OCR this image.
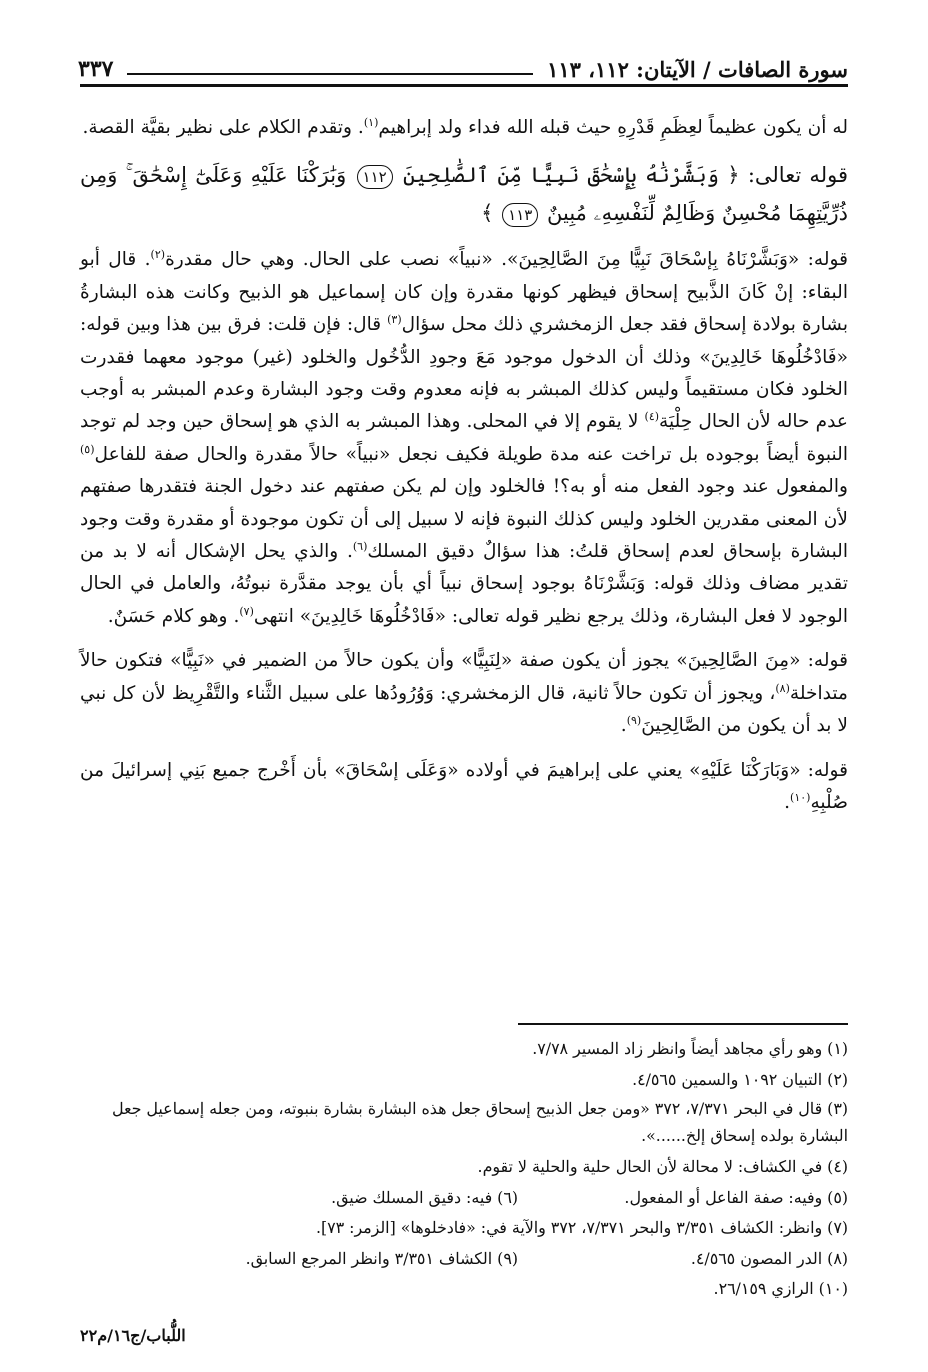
سورة الصافات / الآيتان: ١١٢، ١١٣
٣٣٧

له أن يكون عظيماً لعِظَمِ قَدْرِهِ حيث قبله الله فداء ولد إبراهيم$^{(١)}$. وتقدم الكلام على نظير بقيَّة القصة.

قوله تعالى: ﴿ وَبَشَّرْنَٰهُ بِإِسْحَٰقَ نَبِيًّا مِّنَ ٱلصَّٰلِحِينَ ١١٢ وَبَٰرَكْنَا عَلَيْهِ وَعَلَىٰٓ إِسْحَٰقَ ۚ وَمِن ذُرِّيَّتِهِمَا مُحْسِنٌ وَظَالِمٌ لِّنَفْسِهِۦ مُبِينٌ ١١٣ ﴾

قوله: «وَبَشَّرْنَاهُ بِإسْحَاقَ نَبِيًّا مِنَ الصَّالِحِينَ». «نبياً» نصب على الحال. وهي حال مقدرة$^{(٢)}$. قال أبو البقاء: إنْ كَانَ الذَّبيح إسحاق فيظهر كونها مقدرة وإن كان إسماعيل هو الذبيح وكانت هذه البشارةُ بشارة بولادة إسحاق فقد جعل الزمخشري ذلك محل سؤال$^{(٣)}$ قال: فإن قلت: فرق بين هذا وبين قوله: «فَادْخُلُوهَا خَالِدِينَ» وذلك أن الدخول موجود مَعَ وجودِ الدُّخُول والخلود (غير) موجود معهما فقدرت الخلود فكان مستقيماً وليس كذلك المبشر به فإنه معدوم وقت وجود البشارة وعدم المبشر به أوجب عدم حاله لأن الحال حِلْيَة$^{(٤)}$ لا يقوم إلا في المحلى. وهذا المبشر به الذي هو إسحاق حين وجد لم توجد النبوة أيضاً بوجوده بل تراخت عنه مدة طويلة فكيف نجعل «نبياً» حالاً مقدرة والحال صفة للفاعل$^{(٥)}$ والمفعول عند وجود الفعل منه أو به؟! فالخلود وإن لم يكن صفتهم عند دخول الجنة فتقدرها صفتهم لأن المعنى مقدرين الخلود وليس كذلك النبوة فإنه لا سبيل إلى أن تكون موجودة أو مقدرة وقت وجود البشارة بإسحاق لعدم إسحاق قلتُ: هذا سؤالٌ دقيق المسلك$^{(٦)}$. والذي يحل الإشكال أنه لا بد من تقدير مضاف وذلك قوله: وَبَشَّرْنَاهُ بوجود إسحاق نبياً أي بأن يوجد مقدَّرة نبوتُهُ، والعامل في الحال الوجود لا فعل البشارة، وذلك يرجع نظير قوله تعالى: «فَادْخُلُوهَا خَالِدِينَ» انتهى$^{(٧)}$. وهو كلام حَسَنٌ.

قوله: «مِنَ الصَّالِحِينَ» يجوز أن يكون صفة «لِنَبِيًّا» وأن يكون حالاً من الضمير في «نَبِيًّا» فتكون حالاً متداخلة$^{(٨)}$، ويجوز أن تكون حالاً ثانية، قال الزمخشري: وَوُرُودُها على سبيل الثَّناء والتَّقْرِيظ لأن كل نبي لا بد أن يكون من الصَّالِحِينَ$^{(٩)}$.

قوله: «وَبَارَكْنَا عَلَيْهِ» يعني على إبراهيمَ في أولاده «وَعَلَى إسْحَاقَ» بأن أَخْرج جميع بَنِي إسرائيلَ من صُلْبِهِ$^{(١٠)}$.

(١) وهو رأي مجاهد أيضاً وانظر زاد المسير ٧/٧٨.

(٢) التبيان ١٠٩٢ والسمين ٤/٥٦٥.

(٣) قال في البحر ٧/٣٧١، ٣٧٢ «ومن جعل الذبيح إسحاق جعل هذه البشارة بشارة بنبوته، ومن جعله إسماعيل جعل البشارة بولده إسحاق إلخ......».

(٤) في الكشاف: لا محالة لأن الحال حلية والحلية لا تقوم.

(٥) وفيه: صفة الفاعل أو المفعول.
(٦) فيه: دقيق المسلك ضيق.

(٧) وانظر: الكشاف ٣/٣٥١ والبحر ٧/٣٧١، ٣٧٢ والآية في: «فادخلوها» [الزمر: ٧٣].

(٨) الدر المصون ٤/٥٦٥.
(٩) الكشاف ٣/٣٥١ وانظر المرجع السابق.

(١٠) الرازي ٢٦/١٥٩.

اللُّباب/ج١٦/م٢٢
